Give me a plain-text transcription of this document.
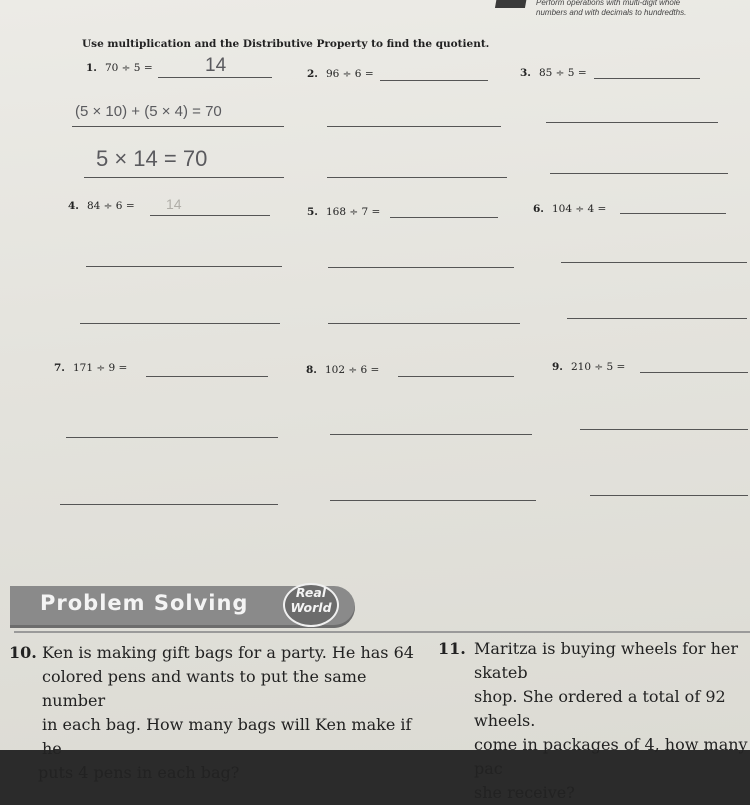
Perform operations with multi-digit whole
numbers and with decimals to hundredths.
Use multiplication and the Distributive Property to find the quotient.
1. 70 ÷ 5 =	14	2. 96 ÷ 6 =	3. 85 ÷ 5 =
(5 × 10) + (5 × 4) = 70
5 × 14 = 70
4. 84 ÷ 6 = 14	5. 168 ÷ 7 =	6. 104 ÷ 4 =
7. 171 ÷ 9 =	8. 102 ÷ 6 =	9. 210 ÷ 5 =
Problem Solving	Real
World
10. Ken is making gift bags for a party. He has 64
colored pens and wants to put the same number
in each bag. How many bags will Ken make if he
puts 4 pens in each bag?
Maritza is buying wheels for her skateb
shop. She ordered a total of 92 wheels.
come in packages of 4, how many pac
she receive?
11.
